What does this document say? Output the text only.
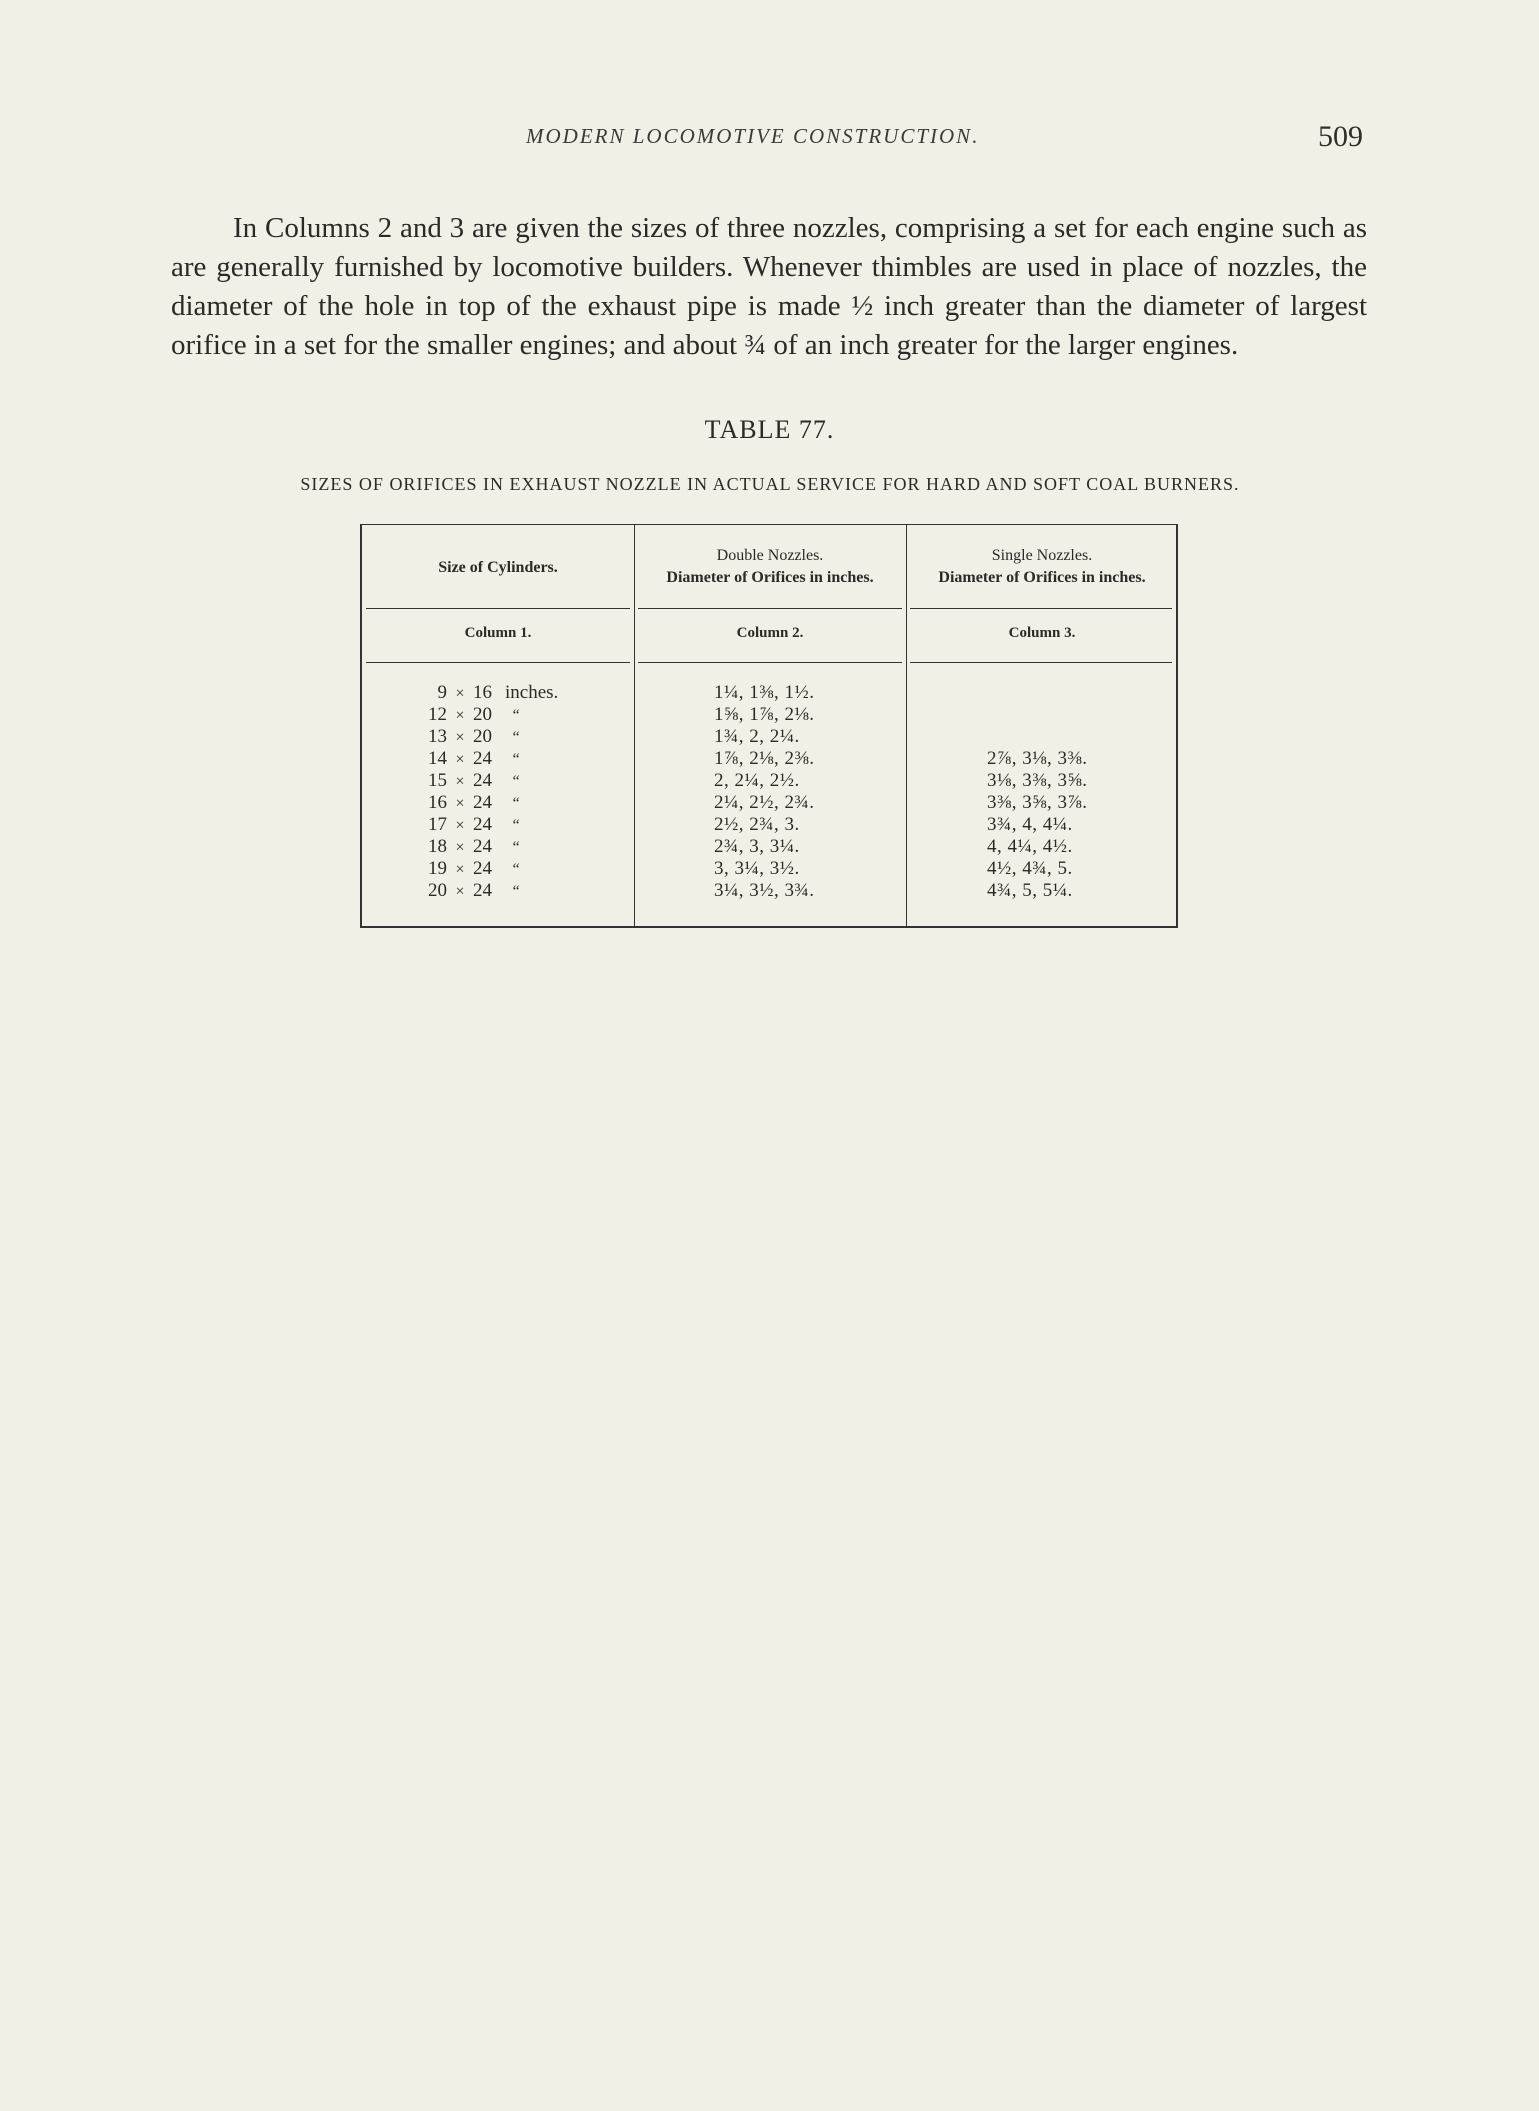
MODERN LOCOMOTIVE CONSTRUCTION.	509

In Columns 2 and 3 are given the sizes of three nozzles, comprising a set for each engine such as are generally furnished by locomotive builders. Whenever thimbles are used in place of nozzles, the diameter of the hole in top of the exhaust pipe is made ½ inch greater than the diameter of largest orifice in a set for the smaller engines; and about ¾ of an inch greater for the larger engines.

TABLE 77.
SIZES OF ORIFICES IN EXHAUST NOZZLE IN ACTUAL SERVICE FOR HARD AND SOFT COAL BURNERS.
Size of Cylinders.
Double Nozzles.
Diameter of Orifices in inches.
Single Nozzles.
Diameter of Orifices in inches.
Column 1.	Column 2.	Column 3.
9 × 16 inches.	1¼, 1⅜, 1½.
12 × 20 “	1⅝, 1⅞, 2⅛.
13 × 20 “	1¾, 2, 2¼.
14 × 24 “	1⅞, 2⅛, 2⅜.	2⅞, 3⅛, 3⅜.
15 × 24 “	2, 2¼, 2½.	3⅛, 3⅜, 3⅝.
16 × 24 “	2¼, 2½, 2¾.	3⅜, 3⅝, 3⅞.
17 × 24 “	2½, 2¾, 3.	3¾, 4, 4¼.
18 × 24 “	2¾, 3, 3¼.	4, 4¼, 4½.
19 × 24 “	3, 3¼, 3½.	4½, 4¾, 5.
20 × 24 “	3¼, 3½, 3¾.	4¾, 5, 5¼.
